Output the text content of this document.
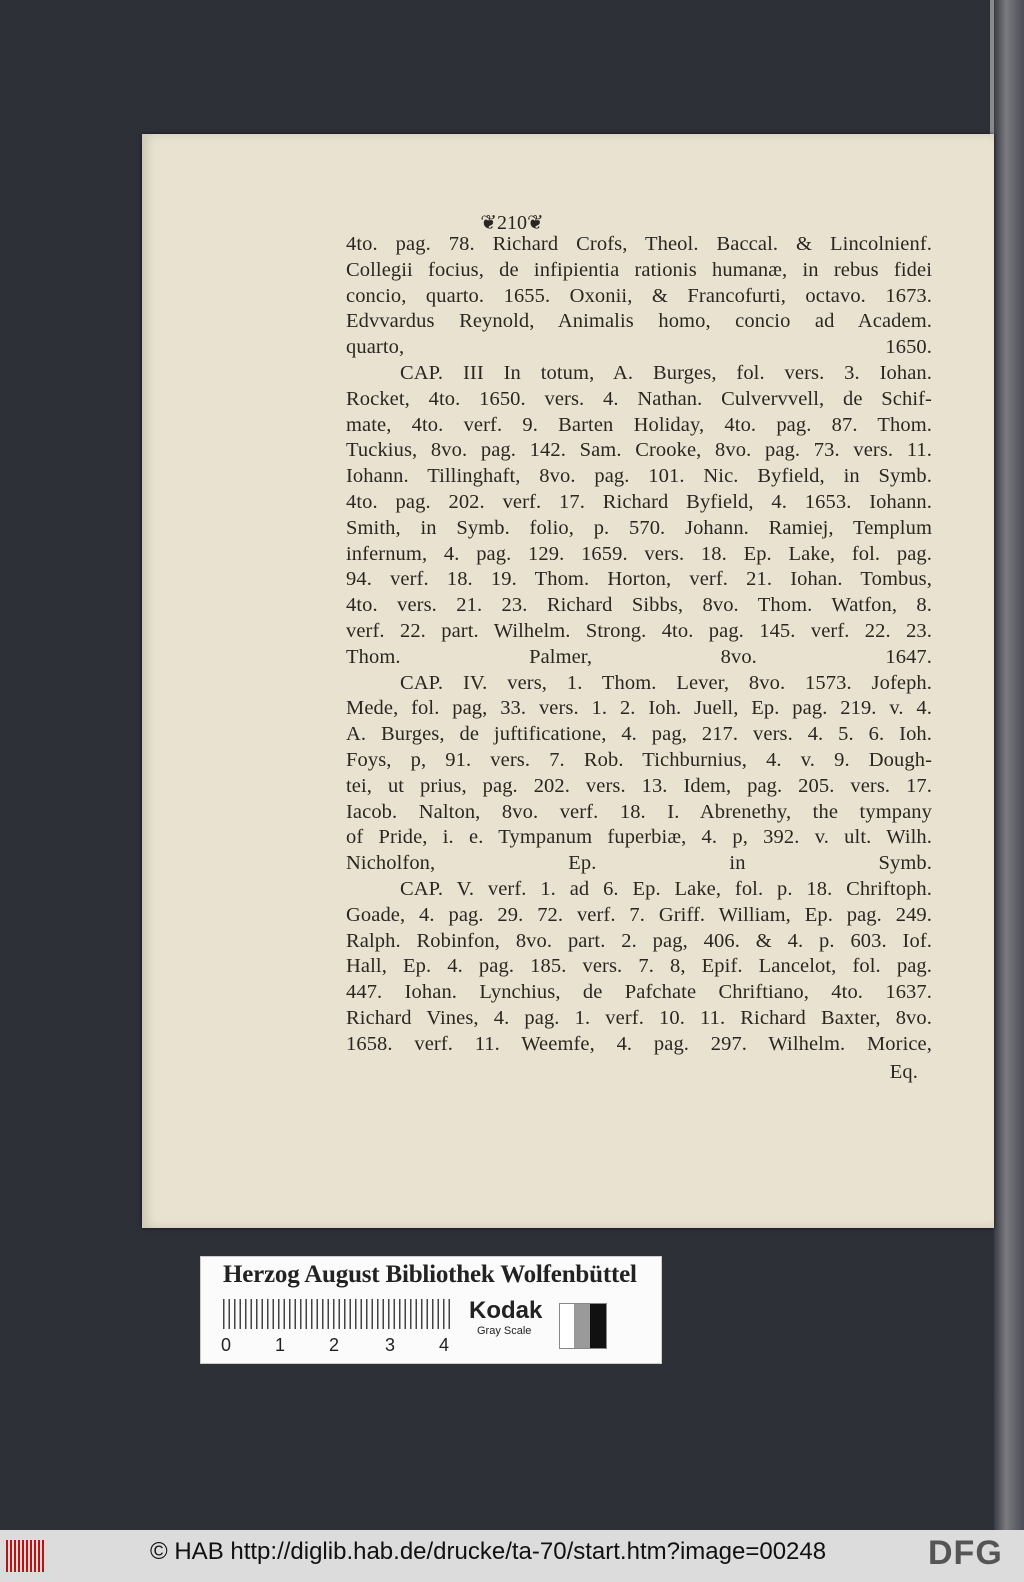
❦210❦

4to. pag. 78. Richard Crofs, Theol. Baccal. & Lincolnienf.

Collegii focius, de infipientia rationis humanæ, in rebus fidei

concio, quarto. 1655. Oxonii, & Francofurti, octavo. 1673.

Edvvardus Reynold, Animalis homo, concio ad Academ.

quarto, 1650.

CAP. III In totum, A. Burges, fol. vers. 3. Iohan.

Rocket, 4to. 1650. vers. 4. Nathan. Culvervvell, de Schif-

mate, 4to. verf. 9. Barten Holiday, 4to. pag. 87. Thom.

Tuckius, 8vo. pag. 142. Sam. Crooke, 8vo. pag. 73. vers. 11.

Iohann. Tillinghaft, 8vo. pag. 101. Nic. Byfield, in Symb.

4to. pag. 202. verf. 17. Richard Byfield, 4. 1653. Iohann.

Smith, in Symb. folio, p. 570. Johann. Ramiej, Templum

infernum, 4. pag. 129. 1659. vers. 18. Ep. Lake, fol. pag.

94. verf. 18. 19. Thom. Horton, verf. 21. Iohan. Tombus,

4to. vers. 21. 23. Richard Sibbs, 8vo. Thom. Watfon, 8.

verf. 22. part. Wilhelm. Strong. 4to. pag. 145. verf. 22. 23.

Thom. Palmer, 8vo. 1647.

CAP. IV. vers, 1. Thom. Lever, 8vo. 1573. Jofeph.

Mede, fol. pag, 33. vers. 1. 2. Ioh. Juell, Ep. pag. 219. v. 4.

A. Burges, de juftificatione, 4. pag, 217. vers. 4. 5. 6. Ioh.

Foys, p, 91. vers. 7. Rob. Tichburnius, 4. v. 9. Dough-

tei, ut prius, pag. 202. vers. 13. Idem, pag. 205. vers. 17.

Iacob. Nalton, 8vo. verf. 18. I. Abrenethy, the tympany

of Pride, i. e. Tympanum fuperbiæ, 4. p, 392. v. ult. Wilh.

Nicholfon, Ep. in Symb.

CAP. V. verf. 1. ad 6. Ep. Lake, fol. p. 18. Chriftoph.

Goade, 4. pag. 29. 72. verf. 7. Griff. William, Ep. pag. 249.

Ralph. Robinfon, 8vo. part. 2. pag, 406. & 4. p. 603. Iof.

Hall, Ep. 4. pag. 185. vers. 7. 8, Epif. Lancelot, fol. pag.

447. Iohan. Lynchius, de Pafchate Chriftiano, 4to. 1637.

Richard Vines, 4. pag. 1. verf. 10. 11. Richard Baxter, 8vo.

1658. verf. 11. Weemfe, 4. pag. 297. Wilhelm. Morice,

Eq.

Herzog August Bibliothek Wolfenbüttel
0 1 2	3 4
Kodak
Gray Scale
© HAB http://diglib.hab.de/drucke/ta-70/start.htm?image=00248	DFG
